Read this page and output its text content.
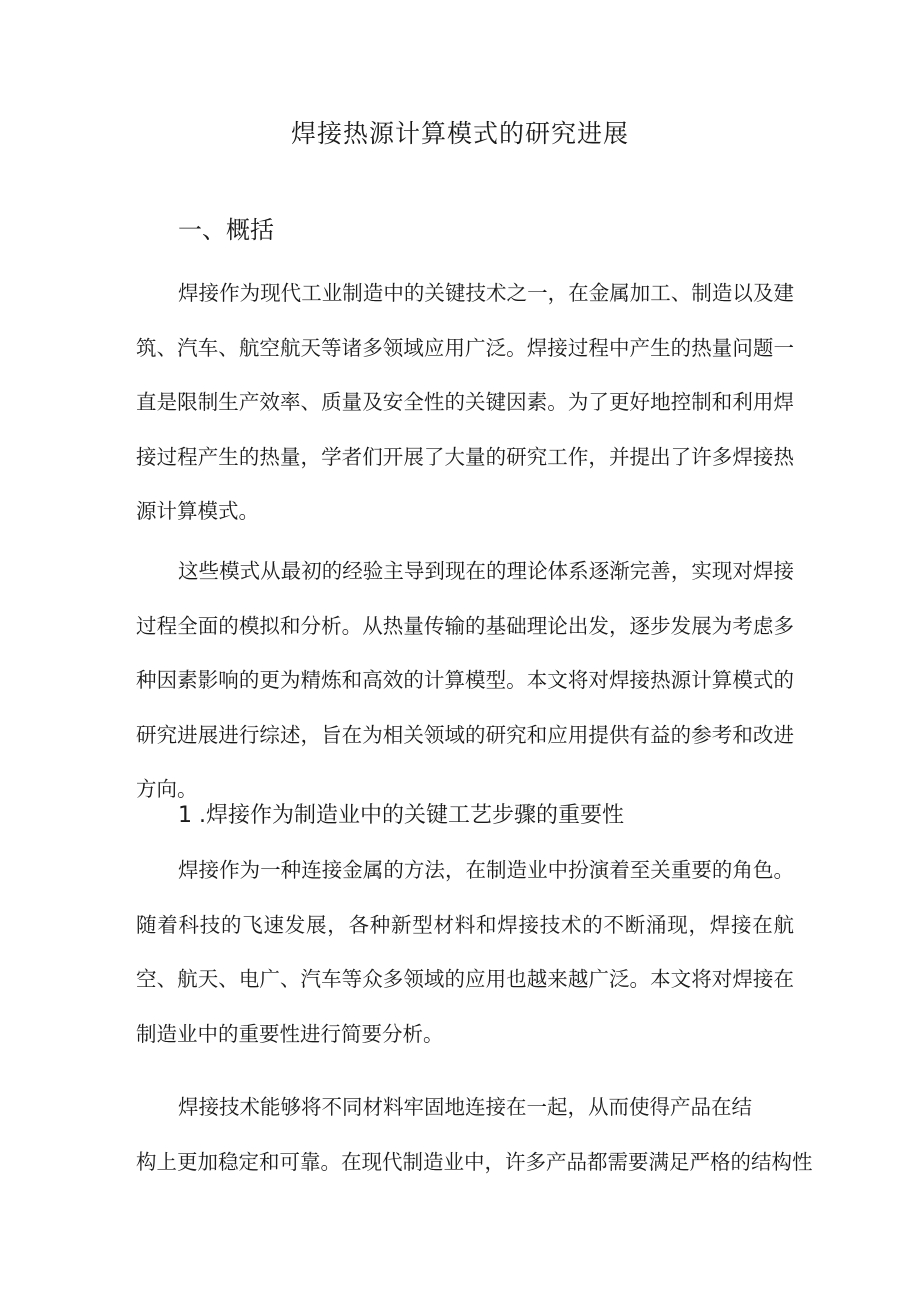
焊接热源计算模式的研究进展
一、概括

焊接作为现代工业制造中的关键技术之一，在金属加工、制造以及建筑、汽车、航空航天等诸多领域应用广泛。焊接过程中产生的热量问题一直是限制生产效率、质量及安全性的关键因素。为了更好地控制和利用焊接过程产生的热量，学者们开展了大量的研究工作，并提出了许多焊接热源计算模式。

这些模式从最初的经验主导到现在的理论体系逐渐完善，实现对焊接过程全面的模拟和分析。从热量传输的基础理论出发，逐步发展为考虑多种因素影响的更为精炼和高效的计算模型。本文将对焊接热源计算模式的研究进展进行综述，旨在为相关领域的研究和应用提供有益的参考和改进方向。

1 .焊接作为制造业中的关键工艺步骤的重要性

焊接作为一种连接金属的方法，在制造业中扮演着至关重要的角色。随着科技的飞速发展，各种新型材料和焊接技术的不断涌现，焊接在航空、航天、电广、汽车等众多领域的应用也越来越广泛。本文将对焊接在制造业中的重要性进行简要分析。

焊接技术能够将不同材料牢固地连接在一起，从而使得产品在结
构上更加稳定和可靠。在现代制造业中，许多产品都需要满足严格的结构性
